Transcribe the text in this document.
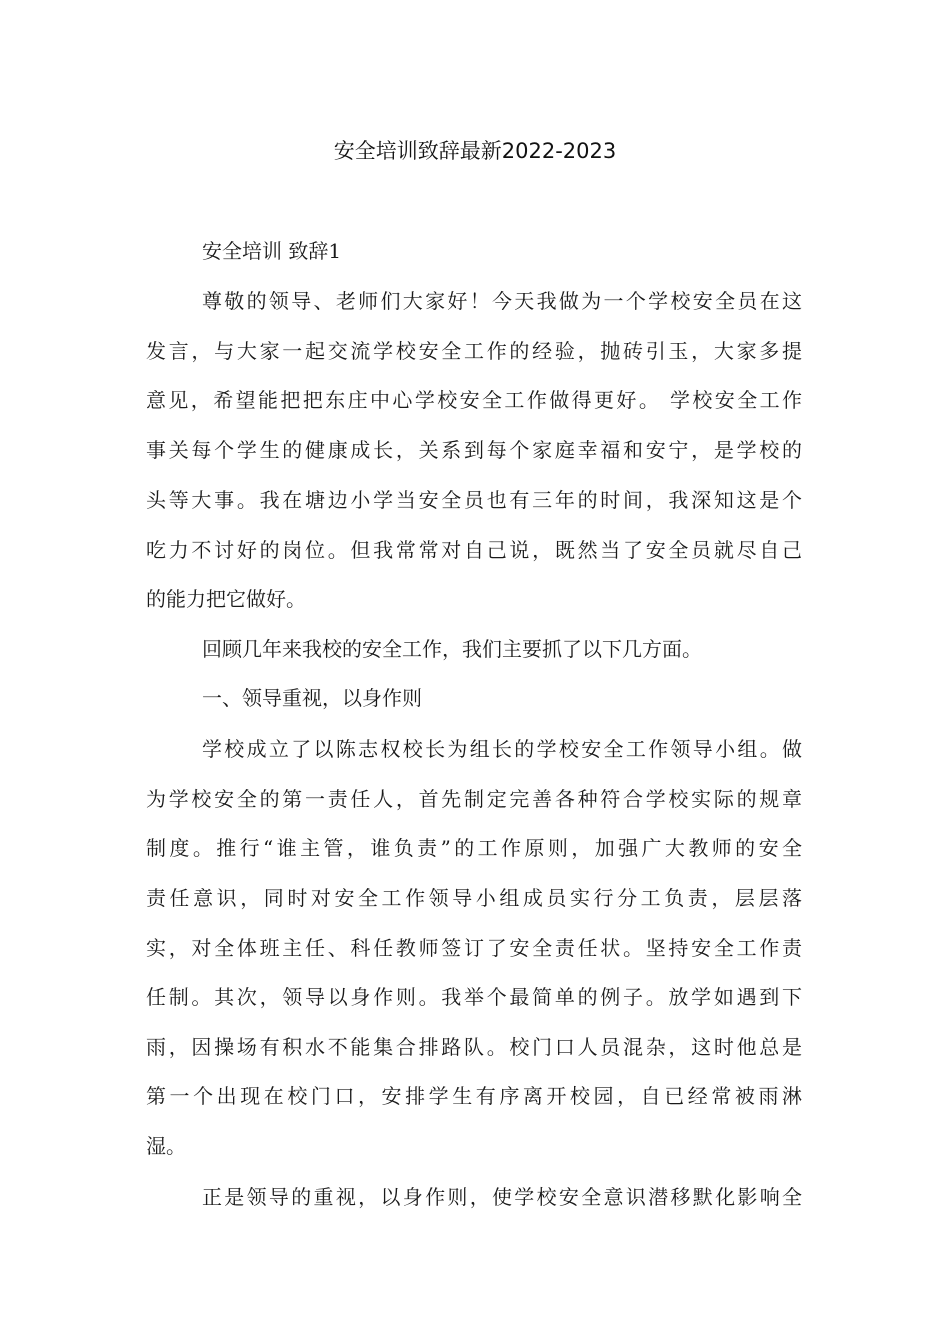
安全培训致辞最新2022-2023
安全培训 致辞1
尊敬的领导、老师们大家好！今天我做为一个学校安全员在这
发言，与大家一起交流学校安全工作的经验，抛砖引玉，大家多提
意见，希望能把把东庄中心学校安全工作做得更好。 学校安全工作
事关每个学生的健康成长，关系到每个家庭幸福和安宁，是学校的
头等大事。我在塘边小学当安全员也有三年的时间，我深知这是个
吃力不讨好的岗位。但我常常对自己说，既然当了安全员就尽自己
的能力把它做好。
回顾几年来我校的安全工作，我们主要抓了以下几方面。
一、领导重视，以身作则
学校成立了以陈志权校长为组长的学校安全工作领导小组。做
为学校安全的第一责任人，首先制定完善各种符合学校实际的规章
制度。推行“谁主管，谁负责”的工作原则，加强广大教师的安全
责任意识，同时对安全工作领导小组成员实行分工负责，层层落
实，对全体班主任、科任教师签订了安全责任状。坚持安全工作责
任制。其次，领导以身作则。我举个最简单的例子。放学如遇到下
雨，因操场有积水不能集合排路队。校门口人员混杂，这时他总是
第一个出现在校门口，安排学生有序离开校园，自已经常被雨淋
湿。
正是领导的重视，以身作则，使学校安全意识潜移默化影响全
